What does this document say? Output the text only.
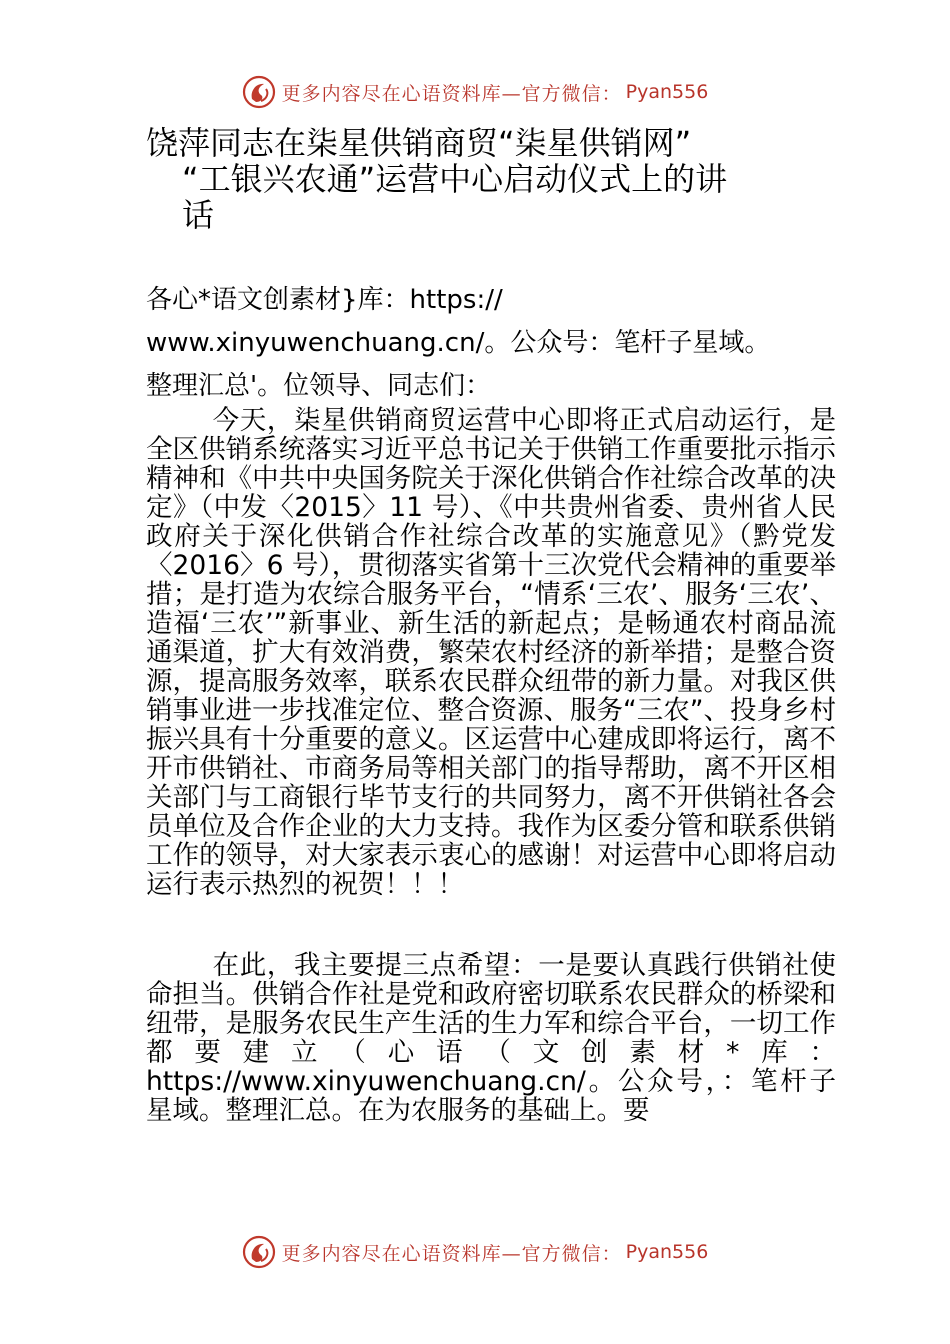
更多内容尽在心语资料库—官方微信： Pyan556
饶萍同志在柒星供销商贸“柒星供销网”
“工银兴农通”运营中心启动仪式上的讲
话
各心*语文创素材}库：https://
www.xinyuwenchuang.cn/。公众号：笔杆子星域。
整理汇总'。位领导、同志们：

今天，柒星供销商贸运营中心即将正式启动运行，是全区供销系统落实习近平总书记关于供销工作重要批示指示精神和《中共中央国务院关于深化供销合作社综合改革的决定》（中发〈2015〉11 号）、《中共贵州省委、贵州省人民政府关于深化供销合作社综合改革的实施意见》（黔党发〈2016〉6 号），贯彻落实省第十三次党代会精神的重要举措；是打造为农综合服务平台，“情系‘三农’、服务‘三农’、造福‘三农’”新事业、新生活的新起点；是畅通农村商品流通渠道，扩大有效消费，繁荣农村经济的新举措；是整合资源，提高服务效率，联系农民群众纽带的新力量。对我区供销事业进一步找准定位、整合资源、服务“三农”、投身乡村振兴具有十分重要的意义。区运营中心建成即将运行，离不开市供销社、市商务局等相关部门的指导帮助，离不开区相关部门与工商银行毕节支行的共同努力，离不开供销社各会员单位及合作企业的大力支持。我作为区委分管和联系供销工作的领导，对大家表示衷心的感谢！对运营中心即将启动运行表示热烈的祝贺！！！

在此，我主要提三点希望：一是要认真践行供销社使命担当。供销合作社是党和政府密切联系农民群众的桥梁和纽带，是服务农民生产生活的生力军和综合平台，一切工作都要建立（心语（文创素材*库：https://www.xinyuwenchuang.cn/。公众号，：笔杆子星域。整理汇总。在为农服务的基础上。要

更多内容尽在心语资料库—官方微信： Pyan556
